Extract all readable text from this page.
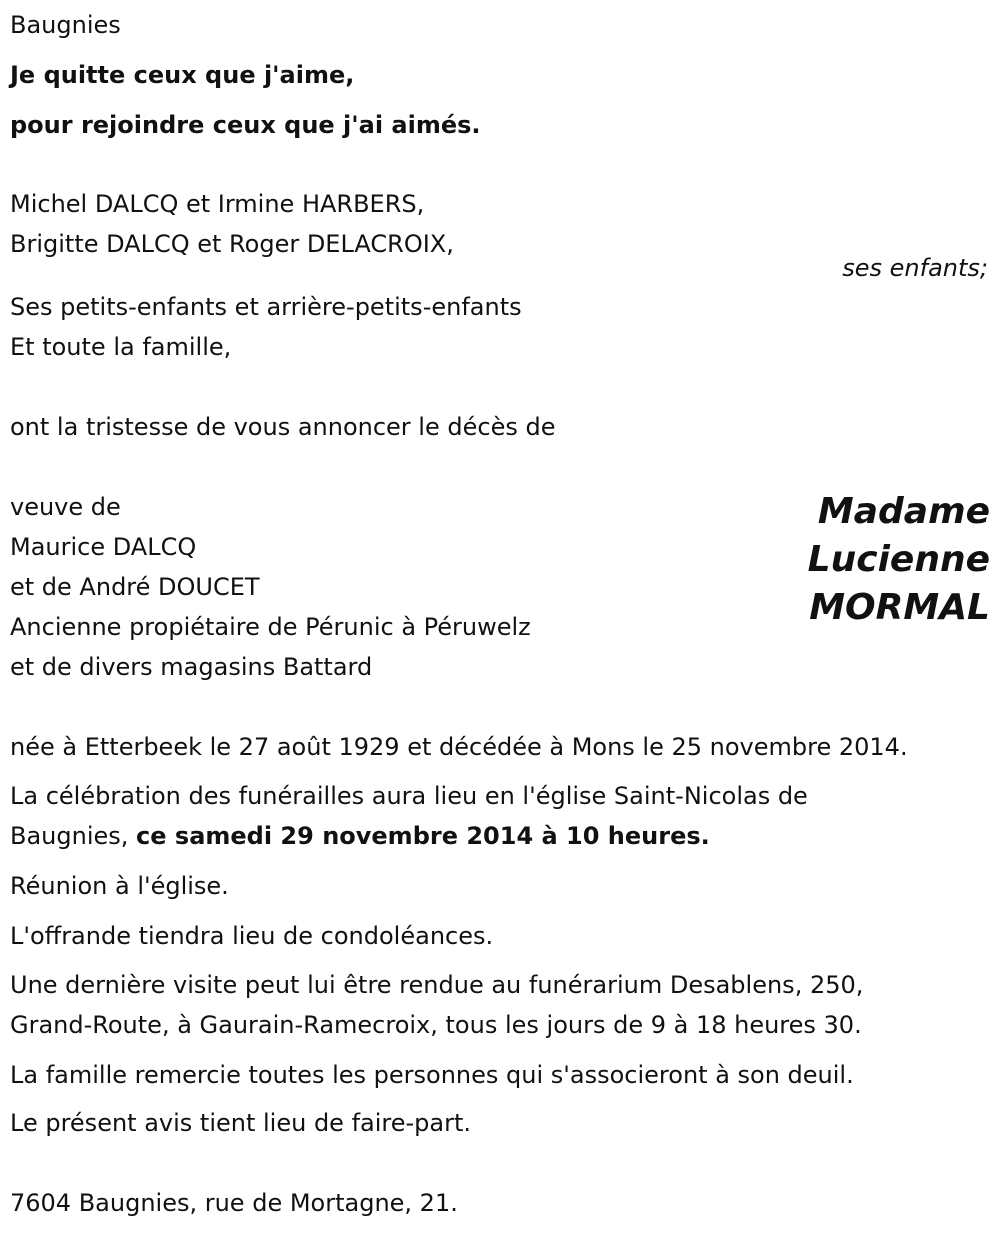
Baugnies
Je quitte ceux que j'aime,
pour rejoindre ceux que j'ai aimés.
Michel DALCQ et Irmine HARBERS,
Brigitte DALCQ et Roger DELACROIX,
ses enfants;
Ses petits-enfants et arrière-petits-enfants
Et toute la famille,
ont la tristesse de vous annoncer le décès de
veuve de
Maurice DALCQ
et de André DOUCET
Ancienne propiétaire de Pérunic à Péruwelz
et de divers magasins Battard
Madame
Lucienne
MORMAL
née à Etterbeek le 27 août 1929 et décédée à Mons le 25 novembre 2014.
La célébration des funérailles aura lieu en l'église Saint-Nicolas de
Baugnies, ce samedi 29 novembre 2014 à 10 heures.
Réunion à l'église.
L'offrande tiendra lieu de condoléances.
Une dernière visite peut lui être rendue au funérarium Desablens, 250,
Grand-Route, à Gaurain-Ramecroix, tous les jours de 9 à 18 heures 30.
La famille remercie toutes les personnes qui s'associeront à son deuil.
Le présent avis tient lieu de faire-part.
7604 Baugnies, rue de Mortagne, 21.
